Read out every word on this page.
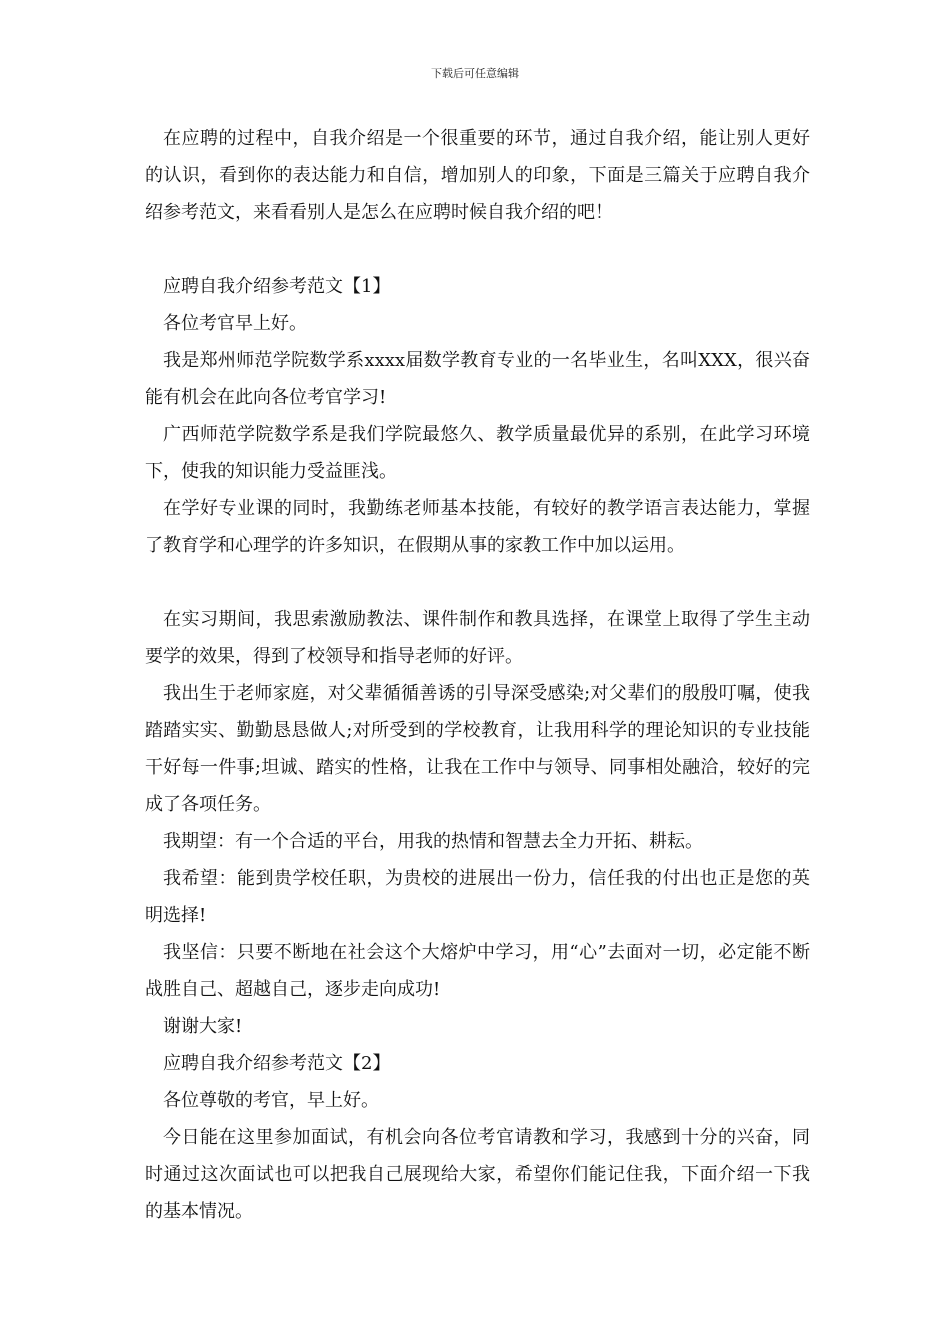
下载后可任意编辑

在应聘的过程中，自我介绍是一个很重要的环节，通过自我介绍，能让别人更好的认识，看到你的表达能力和自信，增加别人的印象，下面是三篇关于应聘自我介绍参考范文，来看看别人是怎么在应聘时候自我介绍的吧！

应聘自我介绍参考范文【1】

各位考官早上好。

我是郑州师范学院数学系xxxx届数学教育专业的一名毕业生，名叫XXX，很兴奋能有机会在此向各位考官学习!

广西师范学院数学系是我们学院最悠久、教学质量最优异的系别，在此学习环境下，使我的知识能力受益匪浅。

在学好专业课的同时，我勤练老师基本技能，有较好的教学语言表达能力，掌握了教育学和心理学的许多知识，在假期从事的家教工作中加以运用。

在实习期间，我思索激励教法、课件制作和教具选择，在课堂上取得了学生主动要学的效果，得到了校领导和指导老师的好评。

我出生于老师家庭，对父辈循循善诱的引导深受感染;对父辈们的殷殷叮嘱，使我踏踏实实、勤勤恳恳做人;对所受到的学校教育，让我用科学的理论知识的专业技能干好每一件事;坦诚、踏实的性格，让我在工作中与领导、同事相处融洽，较好的完成了各项任务。

我期望：有一个合适的平台，用我的热情和智慧去全力开拓、耕耘。

我希望：能到贵学校任职，为贵校的进展出一份力，信任我的付出也正是您的英明选择!

我坚信：只要不断地在社会这个大熔炉中学习，用“心”去面对一切，必定能不断战胜自己、超越自己，逐步走向成功!

谢谢大家!

应聘自我介绍参考范文【2】

各位尊敬的考官，早上好。

今日能在这里参加面试，有机会向各位考官请教和学习，我感到十分的兴奋，同时通过这次面试也可以把我自己展现给大家，希望你们能记住我，下面介绍一下我的基本情况。
